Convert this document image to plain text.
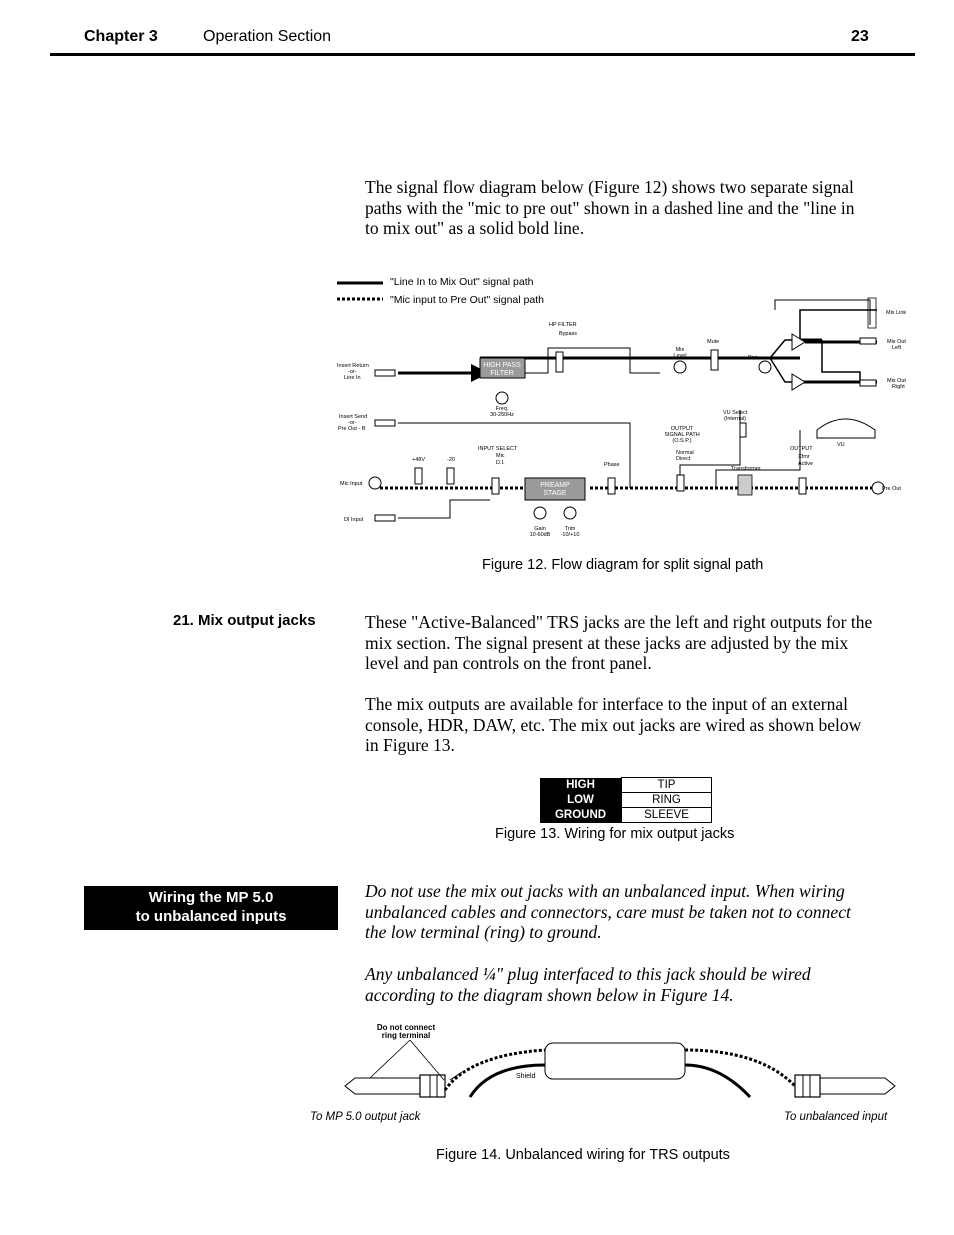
Chapter 3	Operation Section	23
The signal flow diagram below (Figure 12) shows two separate signal paths with the "mic to pre out" shown in a dashed line and the "line in to mix out" as a solid bold line.
"Line In to Mix Out" signal path
"Mic input to Pre Out" signal path
HIGH PASS
FILTER
PREAMP
STAGE
Insert Return
-or-
Line In
Insert Send
-or-
Pre Out - B
Mic Input
DI Input
+48V	-20
INPUT SELECT
Mic
D.I.
HP FILTER
Bypass
Freq.
30-250Hz
Gain
10-60dB
Trim
-10/+10
Phase
OUTPUT
SIGNAL PATH
(O.S.P.)
Normal
Direct
Mix
Level
Mute
Pan
VU Select
(Internal)
VU
Mix Link
Mix Out
Left
Mix Out
Right
Transformer
OUTPUT
Xfmr
Active
Pre Out
Figure 12. Flow diagram for split signal path
21. Mix output jacks	These "Active-Balanced" TRS jacks are the left and right outputs for the mix section. The signal present at these jacks are adjusted by the mix level and pan controls on the front panel.
The mix outputs are available for interface to the input of an external console, HDR, DAW, etc. The mix out jacks are wired as shown below in Figure 13.
HIGH	TIP
LOW	RING
GROUND	SLEEVE
Figure 13. Wiring for mix output jacks
Wiring the MP 5.0
to unbalanced inputs
Do not use the mix out jacks with an unbalanced input. When wiring unbalanced cables and connectors, care must be taken not to connect the low terminal (ring) to ground.
Any unbalanced ¼" plug interfaced to this jack should be wired according to the diagram shown below in Figure 14.
Do not connect
ring terminal
Shield
To MP 5.0 output jack	To unbalanced input
Figure 14. Unbalanced wiring for TRS outputs
